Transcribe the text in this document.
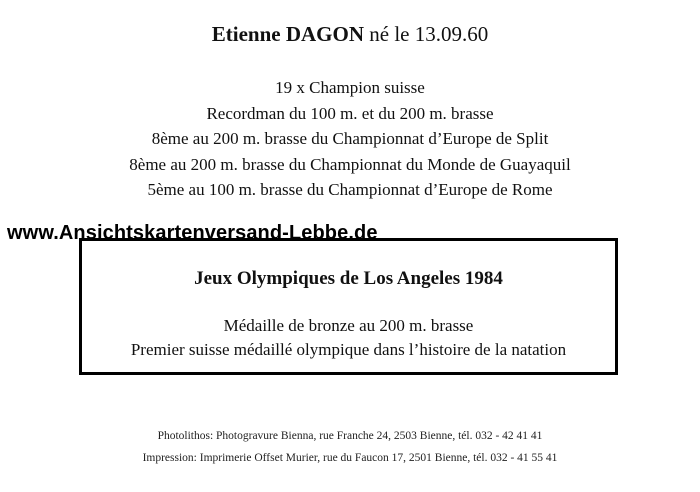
Etienne DAGON né le 13.09.60
19 x Champion suisse
Recordman du 100 m. et du 200 m. brasse
8ème au 200 m. brasse du Championnat d’Europe de Split
8ème au 200 m. brasse du Championnat du Monde de Guayaquil
5ème au 100 m. brasse du Championnat d’Europe de Rome
www.Ansichtskartenversand-Lebbe.de
Jeux Olympiques de Los Angeles 1984
Médaille de bronze au 200 m. brasse
Premier suisse médaillé olympique dans l’histoire de la natation
Photolithos: Photogravure Bienna, rue Franche 24, 2503 Bienne, tél. 032 - 42 41 41
Impression: Imprimerie Offset Murier, rue du Faucon 17, 2501 Bienne, tél. 032 - 41 55 41
